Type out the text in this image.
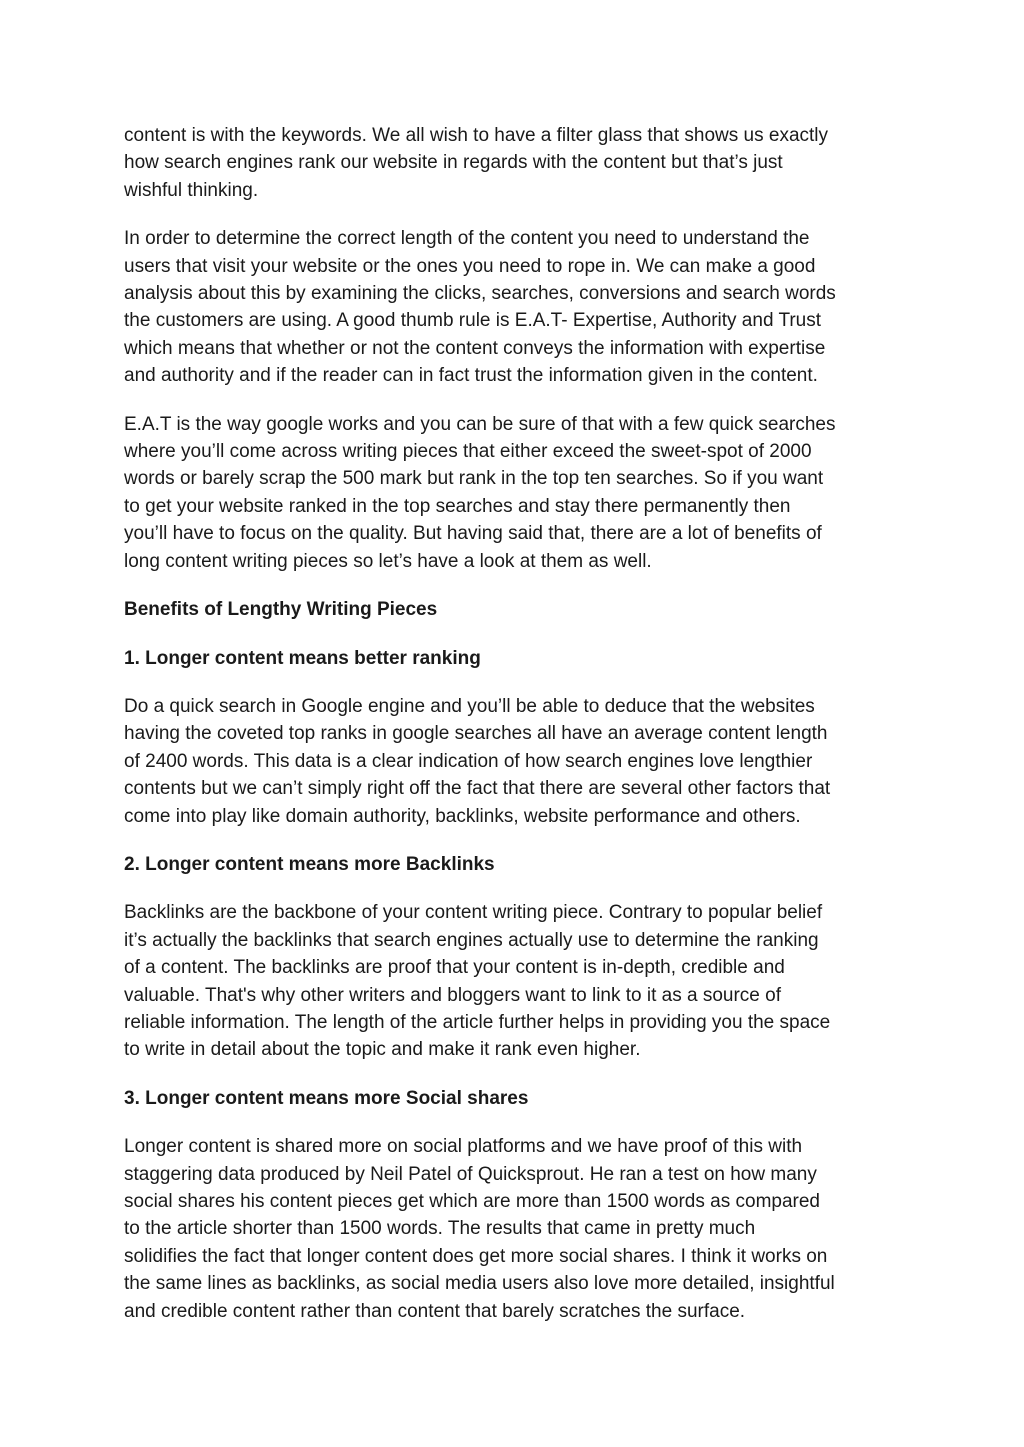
content is with the keywords. We all wish to have a filter glass that shows us exactly
how search engines rank our website in regards with the content but that’s just
wishful thinking.

In order to determine the correct length of the content you need to understand the
users that visit your website or the ones you need to rope in. We can make a good
analysis about this by examining the clicks, searches, conversions and search words
the customers are using. A good thumb rule is E.A.T- Expertise, Authority and Trust
which means that whether or not the content conveys the information with expertise
and authority and if the reader can in fact trust the information given in the content.

E.A.T is the way google works and you can be sure of that with a few quick searches
where you’ll come across writing pieces that either exceed the sweet-spot of 2000
words or barely scrap the 500 mark but rank in the top ten searches. So if you want
to get your website ranked in the top searches and stay there permanently then
you’ll have to focus on the quality. But having said that, there are a lot of benefits of
long content writing pieces so let’s have a look at them as well.

Benefits of Lengthy Writing Pieces

1. Longer content means better ranking

Do a quick search in Google engine and you’ll be able to deduce that the websites
having the coveted top ranks in google searches all have an average content length
of 2400 words. This data is a clear indication of how search engines love lengthier
contents but we can’t simply right off the fact that there are several other factors that
come into play like domain authority, backlinks, website performance and others.

2. Longer content means more Backlinks

Backlinks are the backbone of your content writing piece. Contrary to popular belief
it’s actually the backlinks that search engines actually use to determine the ranking
of a content. The backlinks are proof that your content is in-depth, credible and
valuable. That's why other writers and bloggers want to link to it as a source of
reliable information. The length of the article further helps in providing you the space
to write in detail about the topic and make it rank even higher.

3. Longer content means more Social shares

Longer content is shared more on social platforms and we have proof of this with
staggering data produced by Neil Patel of Quicksprout. He ran a test on how many
social shares his content pieces get which are more than 1500 words as compared
to the article shorter than 1500 words. The results that came in pretty much
solidifies the fact that longer content does get more social shares. I think it works on
the same lines as backlinks, as social media users also love more detailed, insightful
and credible content rather than content that barely scratches the surface.
